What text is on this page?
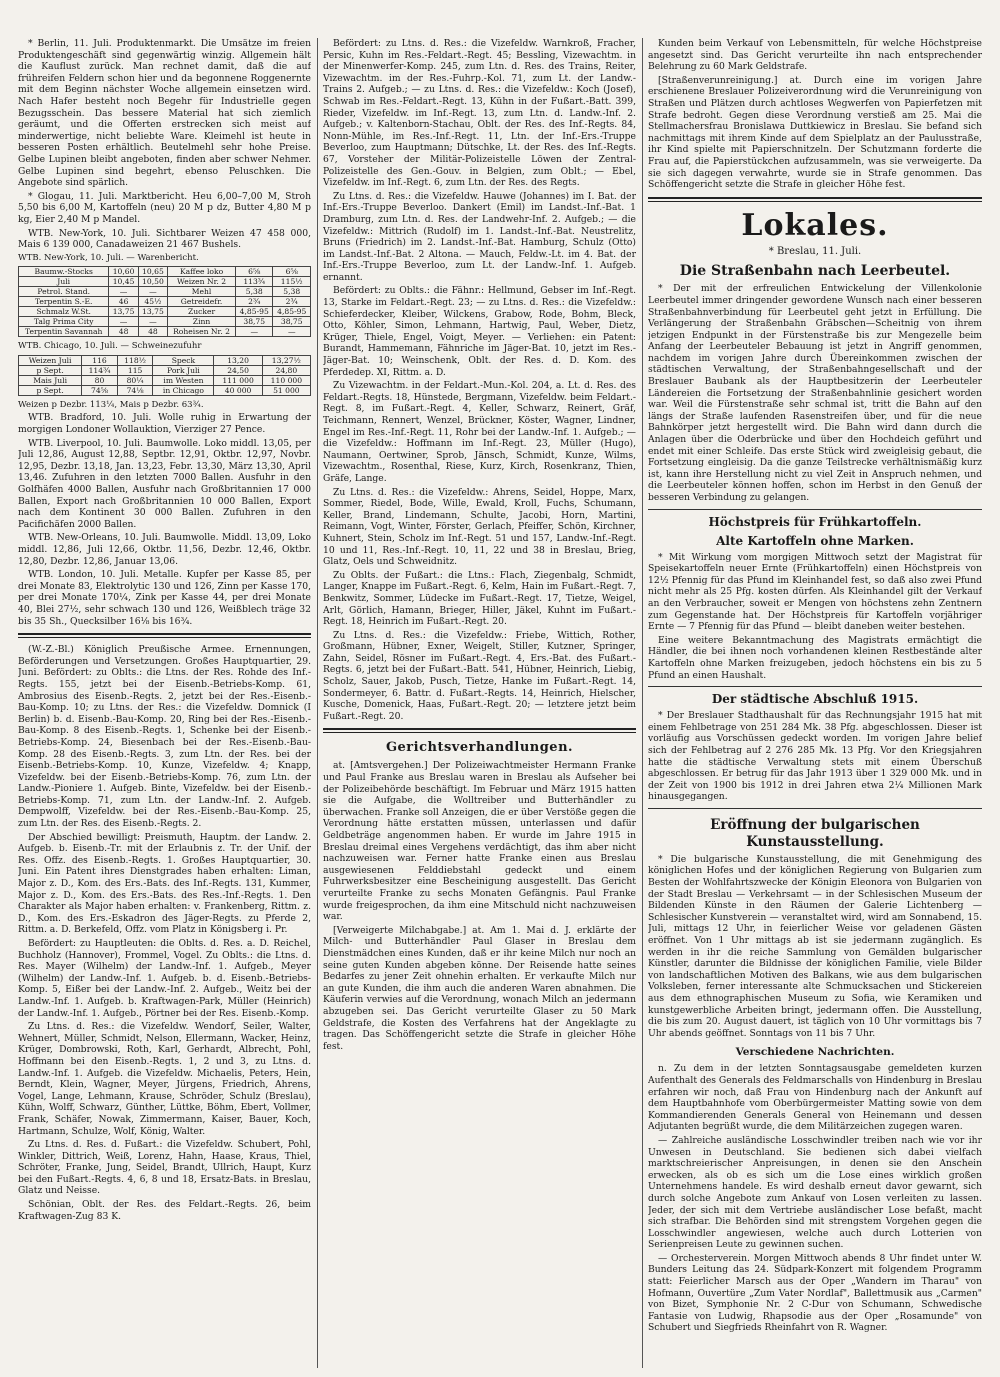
* Berlin, 11. Juli. Produktenmarkt. Die Umsätze im freien Produktengeschäft sind gegenwärtig winzig. Allgemein hält die Kauflust zurück. Man rechnet damit, daß die auf frühreifen Feldern schon hier und da begonnene Roggenernte mit dem Beginn nächster Woche allgemein einsetzen wird. Nach Hafer besteht noch Begehr für Industrielle gegen Bezugsschein. Das bessere Material hat sich ziemlich geräumt, und die Offerten erstrecken sich meist auf minderwertige, nicht beliebte Ware. Kleimehl ist heute in besseren Posten erhältlich. Beutelmehl sehr hohe Preise. Gelbe Lupinen bleibt angeboten, finden aber schwer Nehmer. Gelbe Lupinen sind begehrt, ebenso Peluschken. Die Angebote sind spärlich.

* Glogau, 11. Juli. Marktbericht. Heu 6,00–7,00 M, Stroh 5,50 bis 6,00 M, Kartoffeln (neu) 20 M p dz, Butter 4,80 M p kg, Eier 2,40 M p Mandel.

WTB. New-York, 10. Juli. Sichtbarer Weizen 47 458 000, Mais 6 139 000, Canadaweizen 21 467 Bushels.

WTB. New-York, 10. Juli. — Warenbericht.
Baumw.-Stocks	10,60	10,65	Kaffee loko	6⅝	6⅝
Juli	10,45	10,50	Weizen Nr. 2	113¾	115½
Petrol. Stand.	—	—	Mehl	5,38	5,38
Terpentin S.-E.	46	45½	Getreidefr.	2¾	2¾
Schmalz W.St.	13,75	13,75	Zucker	4,85-95	4,85-95
Talg Prima City	—	—	Zinn	38,75	38,75
Terpentin Savannah	48	48	Roheisen Nr. 2	—	—
WTB. Chicago, 10. Juli. — Schweinezufuhr
Weizen Juli	116	118½	Speck	13,20	13,27½
p Sept.	114¾	115	Pork Juli	24,50	24,80
Mais Juli	80	80¼	im Westen	111 000	110 000
p Sept.	74⅝	74⅛	in Chicago	40 000	51 000
Weizen p Dezbr. 113¼, Mais p Dezbr. 63¾.

WTB. Bradford, 10. Juli. Wolle ruhig in Erwartung der morgigen Londoner Wollauktion, Vierziger 27 Pence.

WTB. Liverpool, 10. Juli. Baumwolle. Loko middl. 13,05, per Juli 12,86, August 12,88, Septbr. 12,91, Oktbr. 12,97, Novbr. 12,95, Dezbr. 13,18, Jan. 13,23, Febr. 13,30, März 13,30, April 13,46. Zufuhren in den letzten 7000 Ballen. Ausfuhr in den Golfhäfen 4000 Ballen, Ausfuhr nach Großbritannien 17 000 Ballen, Export nach Großbritannien 10 000 Ballen, Export nach dem Kontinent 30 000 Ballen. Zufuhren in den Pacifichäfen 2000 Ballen.

WTB. New-Orleans, 10. Juli. Baumwolle. Middl. 13,09, Loko middl. 12,86, Juli 12,66, Oktbr. 11,56, Dezbr. 12,46, Oktbr. 12,80, Dezbr. 12,86, Januar 13,06.

WTB. London, 10. Juli. Metalle. Kupfer per Kasse 85, per drei Monate 83, Elektrolytic 130 und 126, Zinn per Kasse 170, per drei Monate 170¼, Zink per Kasse 44, per drei Monate 40, Blei 27½, sehr schwach 130 und 126, Weißblech träge 32 bis 35 Sh., Quecksilber 16⅛ bis 16¾.

(W.-Z.-Bl.) Königlich Preußische Armee. Ernennungen, Beförderungen und Versetzungen. Großes Hauptquartier, 29. Juni. Befördert: zu Oblts.: die Ltns. der Res. Rohde des Inf.-Regts. 155, jetzt bei der Eisenb.-Betriebs-Komp. 61, Ambrosius des Eisenb.-Regts. 2, jetzt bei der Res.-Eisenb.-Bau-Komp. 10; zu Ltns. der Res.: die Vizefeldw. Domnick (I Berlin) b. d. Eisenb.-Bau-Komp. 20, Ring bei der Res.-Eisenb.-Bau-Komp. 8 des Eisenb.-Regts. 1, Schenke bei der Eisenb.-Betriebs-Komp. 24, Biesenbach bei der Res.-Eisenb.-Bau-Komp. 28 des Eisenb.-Regts. 3, zum Ltn. der Res. bei der Eisenb.-Betriebs-Komp. 10, Kunze, Vizefeldw. 4; Knapp, Vizefeldw. bei der Eisenb.-Betriebs-Komp. 76, zum Ltn. der Landw.-Pioniere 1. Aufgeb. Binte, Vizefeldw. bei der Eisenb.-Betriebs-Komp. 71, zum Ltn. der Landw.-Inf. 2. Aufgeb. Dempwolff, Vizefeldw. bei der Res.-Eisenb.-Bau-Komp. 25, zum Ltn. der Res. des Eisenb.-Regts. 2.

Der Abschied bewilligt: Preismuth, Hauptm. der Landw. 2. Aufgeb. b. Eisenb.-Tr. mit der Erlaubnis z. Tr. der Unif. der Res. Offz. des Eisenb.-Regts. 1. Großes Hauptquartier, 30. Juni. Ein Patent ihres Dienstgrades haben erhalten: Liman, Major z. D., Kom. des Ers.-Bats. des Inf.-Regts. 131, Kummer, Major z. D., Kom. des Ers.-Bats. des Res.-Inf.-Regts. 1. Den Charakter als Major haben erhalten: v. Frankenberg, Rittm. z. D., Kom. des Ers.-Eskadron des Jäger-Regts. zu Pferde 2, Rittm. a. D. Berkefeld, Offz. vom Platz in Königsberg i. Pr.

Befördert: zu Hauptleuten: die Oblts. d. Res. a. D. Reichel, Buchholz (Hannover), Frommel, Vogel. Zu Oblts.: die Ltns. d. Res. Mayer (Wilhelm) der Landw.-Inf. 1. Aufgeb., Meyer (Wilhelm) der Landw.-Inf. 1. Aufgeb. b. d. Eisenb.-Betriebs-Komp. 5, Eißer bei der Landw.-Inf. 2. Aufgeb., Weitz bei der Landw.-Inf. 1. Aufgeb. b. Kraftwagen-Park, Müller (Heinrich) der Landw.-Inf. 1. Aufgeb., Pörtner bei der Res. Eisenb.-Komp.

Zu Ltns. d. Res.: die Vizefeldw. Wendorf, Seiler, Walter, Wehnert, Müller, Schmidt, Nelson, Ellermann, Wacker, Heinz, Krüger, Dombrowski, Roth, Karl, Gerhardt, Albrecht, Pohl, Hoffmann bei den Eisenb.-Regts. 1, 2 und 3, zu Ltns. d. Landw.-Inf. 1. Aufgeb. die Vizefeldw. Michaelis, Peters, Hein, Berndt, Klein, Wagner, Meyer, Jürgens, Friedrich, Ahrens, Vogel, Lange, Lehmann, Krause, Schröder, Schulz (Breslau), Kühn, Wolff, Schwarz, Günther, Lüttke, Böhm, Ebert, Vollmer, Frank, Schäfer, Nowak, Zimmermann, Kaiser, Bauer, Koch, Hartmann, Schulze, Wolf, König, Walter.

Zu Ltns. d. Res. d. Fußart.: die Vizefeldw. Schubert, Pohl, Winkler, Dittrich, Weiß, Lorenz, Hahn, Haase, Kraus, Thiel, Schröter, Franke, Jung, Seidel, Brandt, Ullrich, Haupt, Kurz bei den Fußart.-Regts. 4, 6, 8 und 18, Ersatz-Bats. in Breslau, Glatz und Neisse.

Schönian, Oblt. der Res. des Feldart.-Regts. 26, beim Kraftwagen-Zug 83 K.

Befördert: zu Ltns. d. Res.: die Vizefeldw. Warnkroß, Fracher, Persic, Kuhn im Res.-Feldart.-Regt. 45; Bessling, Vizewachtm. in der Minenwerfer-Komp. 245, zum Ltn. d. Res. des Trains, Reiter, Vizewachtm. im der Res.-Fuhrp.-Kol. 71, zum Lt. der Landw.-Trains 2. Aufgeb.; — zu Ltns. d. Res.: die Vizefeldw.: Koch (Josef), Schwab im Res.-Feldart.-Regt. 13, Kühn in der Fußart.-Batt. 399, Rieder, Vizefeldw. im Inf.-Regt. 13, zum Ltn. d. Landw.-Inf. 2. Aufgeb.; v. Kaltenborn-Stachau, Oblt. der Res. des Inf.-Regts. 84, Nonn-Mühle, im Res.-Inf.-Regt. 11, Ltn. der Inf.-Ers.-Truppe Beverloo, zum Hauptmann; Dütschke, Lt. der Res. des Inf.-Regts. 67, Vorsteher der Militär-Polizeistelle Löwen der Zentral-Polizeistelle des Gen.-Gouv. in Belgien, zum Oblt.; — Ebel, Vizefeldw. im Inf.-Regt. 6, zum Ltn. der Res. des Regts.

Zu Ltns. d. Res.: die Vizefeldw. Hauwe (Johannes) im I. Bat. der Inf.-Ers.-Truppe Beverloo. Dankert (Emil) im Landst.-Inf.-Bat. 1 Dramburg, zum Ltn. d. Res. der Landwehr-Inf. 2. Aufgeb.; — die Vizefeldw.: Mittrich (Rudolf) im 1. Landst.-Inf.-Bat. Neustrelitz, Bruns (Friedrich) im 2. Landst.-Inf.-Bat. Hamburg, Schulz (Otto) im Landst.-Inf.-Bat. 2 Altona. — Mauch, Feldw.-Lt. im 4. Bat. der Inf.-Ers.-Truppe Beverloo, zum Lt. der Landw.-Inf. 1. Aufgeb. ernannt.

Befördert: zu Oblts.: die Fähnr.: Hellmund, Gebser im Inf.-Regt. 13, Starke im Feldart.-Regt. 23; — zu Ltns. d. Res.: die Vizefeldw.: Schieferdecker, Kleiber, Wilckens, Grabow, Rode, Bohm, Bleck, Otto, Köhler, Simon, Lehmann, Hartwig, Paul, Weber, Dietz, Krüger, Thiele, Engel, Voigt, Meyer. — Verliehen: ein Patent: Burandt, Hammemann, Fähnriche im Jäger-Bat. 10, jetzt im Res.-Jäger-Bat. 10; Weinschenk, Oblt. der Res. d. D. Kom. des Pferdedep. XI, Rittm. a. D.

Zu Vizewachtm. in der Feldart.-Mun.-Kol. 204, a. Lt. d. Res. des Feldart.-Regts. 18, Hünstede, Bergmann, Vizefeldw. beim Feldart.-Regt. 8, im Fußart.-Regt. 4, Keller, Schwarz, Reinert, Gräf, Teichmann, Rennert, Wenzel, Brückner, Köster, Wagner, Lindner, Engel im Res.-Inf.-Regt. 11, Rohr bei der Landw.-Inf. 1. Aufgeb.; — die Vizefeldw.: Hoffmann im Inf.-Regt. 23, Müller (Hugo), Naumann, Oertwiner, Sprob, Jänsch, Schmidt, Kunze, Wilms, Vizewachtm., Rosenthal, Riese, Kurz, Kirch, Rosenkranz, Thien, Gräfe, Lange.

Zu Ltns. d. Res.: die Vizefeldw.: Ahrens, Seidel, Hoppe, Marx, Sommer, Riedel, Bode, Wille, Ewald, Kroll, Fuchs, Schumann, Keller, Brand, Lindemann, Schulte, Jacobi, Horn, Martini, Reimann, Vogt, Winter, Förster, Gerlach, Pfeiffer, Schön, Kirchner, Kuhnert, Stein, Scholz im Inf.-Regt. 51 und 157, Landw.-Inf.-Regt. 10 und 11, Res.-Inf.-Regt. 10, 11, 22 und 38 in Breslau, Brieg, Glatz, Oels und Schweidnitz.

Zu Oblts. der Fußart.: die Ltns.: Flach, Ziegenbalg, Schmidt, Langer, Knappe im Fußart.-Regt. 6, Kelm, Hain im Fußart.-Regt. 7, Benkwitz, Sommer, Lüdecke im Fußart.-Regt. 17, Tietze, Weigel, Arlt, Görlich, Hamann, Brieger, Hiller, Jäkel, Kuhnt im Fußart.-Regt. 18, Heinrich im Fußart.-Regt. 20.

Zu Ltns. d. Res.: die Vizefeldw.: Friebe, Wittich, Rother, Großmann, Hübner, Exner, Weigelt, Stiller, Kutzner, Springer, Zahn, Seidel, Rösner im Fußart.-Regt. 4, Ers.-Bat. des Fußart.-Regts. 6, jetzt bei der Fußart.-Batt. 541, Hübner, Heinrich, Liebig, Scholz, Sauer, Jakob, Pusch, Tietze, Hanke im Fußart.-Regt. 14, Sondermeyer, 6. Battr. d. Fußart.-Regts. 14, Heinrich, Hielscher, Kusche, Domenick, Haas, Fußart.-Regt. 20; — letztere jetzt beim Fußart.-Regt. 20.

Gerichtsverhandlungen.

at. [Amtsvergehen.] Der Polizeiwachtmeister Hermann Franke und Paul Franke aus Breslau waren in Breslau als Aufseher bei der Polizeibehörde beschäftigt. Im Februar und März 1915 hatten sie die Aufgabe, die Wolltreiber und Butterhändler zu überwachen. Franke soll Anzeigen, die er über Verstöße gegen die Verordnung hätte erstatten müssen, unterlassen und dafür Geldbeträge angenommen haben. Er wurde im Jahre 1915 in Breslau dreimal eines Vergehens verdächtigt, das ihm aber nicht nachzuweisen war. Ferner hatte Franke einen aus Breslau ausgewiesenen Felddiebstahl gedeckt und einem Fuhrwerksbesitzer eine Bescheinigung ausgestellt. Das Gericht verurteilte Franke zu sechs Monaten Gefängnis. Paul Franke wurde freigesprochen, da ihm eine Mitschuld nicht nachzuweisen war.

[Verweigerte Milchabgabe.] at. Am 1. Mai d. J. erklärte der Milch- und Butterhändler Paul Glaser in Breslau dem Dienstmädchen eines Kunden, daß er ihr keine Milch nur noch an seine guten Kunden abgeben könne. Der Reisende hatte seines Bedarfes zu jener Zeit ohnehin erhalten. Er verkaufte Milch nur an gute Kunden, die ihm auch die anderen Waren abnahmen. Die Käuferin verwies auf die Verordnung, wonach Milch an jedermann abzugeben sei. Das Gericht verurteilte Glaser zu 50 Mark Geldstrafe, die Kosten des Verfahrens hat der Angeklagte zu tragen. Das Schöffengericht setzte die Strafe in gleicher Höhe fest.

Kunden beim Verkauf von Lebensmitteln, für welche Höchstpreise angesetzt sind. Das Gericht verurteilte ihn nach entsprechender Belehrung zu 60 Mark Geldstrafe.

[Straßenverunreinigung.] at. Durch eine im vorigen Jahre erschienene Breslauer Polizeiverordnung wird die Verunreinigung von Straßen und Plätzen durch achtloses Wegwerfen von Papierfetzen mit Strafe bedroht. Gegen diese Verordnung verstieß am 25. Mai die Stellmachersfrau Bronislawa Duttkiewicz in Breslau. Sie befand sich nachmittags mit ihrem Kinde auf dem Spielplatz an der Paulusstraße, ihr Kind spielte mit Papierschnitzeln. Der Schutzmann forderte die Frau auf, die Papierstückchen aufzusammeln, was sie verweigerte. Da sie sich dagegen verwahrte, wurde sie in Strafe genommen. Das Schöffengericht setzte die Strafe in gleicher Höhe fest.

Lokales.
* Breslau, 11. Juli.
Die Straßenbahn nach Leerbeutel.

* Der mit der erfreulichen Entwickelung der Villenkolonie Leerbeutel immer dringender gewordene Wunsch nach einer besseren Straßenbahnverbindung für Leerbeutel geht jetzt in Erfüllung. Die Verlängerung der Straßenbahn Gräbschen—Scheitnig von ihrem jetzigen Endpunkt in der Fürstenstraße bis zur Mengezelle beim Anfang der Leerbeuteler Bebauung ist jetzt in Angriff genommen, nachdem im vorigen Jahre durch Übereinkommen zwischen der städtischen Verwaltung, der Straßenbahngesellschaft und der Breslauer Baubank als der Hauptbesitzerin der Leerbeuteler Ländereien die Fortsetzung der Straßenbahnlinie gesichert worden war. Weil die Fürstenstraße sehr schmal ist, tritt die Bahn auf den längs der Straße laufenden Rasenstreifen über, und für die neue Bahnkörper jetzt hergestellt wird. Die Bahn wird dann durch die Anlagen über die Oderbrücke und über den Hochdeich geführt und endet mit einer Schleife. Das erste Stück wird zweigleisig gebaut, die Fortsetzung eingleisig. Da die ganze Teilstrecke verhältnismäßig kurz ist, kann ihre Herstellung nicht zu viel Zeit in Anspruch nehmen, und die Leerbeuteler können hoffen, schon im Herbst in den Genuß der besseren Verbindung zu gelangen.

Höchstpreis für Frühkartoffeln.
Alte Kartoffeln ohne Marken.

* Mit Wirkung vom morgigen Mittwoch setzt der Magistrat für Speisekartoffeln neuer Ernte (Frühkartoffeln) einen Höchstpreis von 12½ Pfennig für das Pfund im Kleinhandel fest, so daß also zwei Pfund nicht mehr als 25 Pfg. kosten dürfen. Als Kleinhandel gilt der Verkauf an den Verbraucher, soweit er Mengen von höchstens zehn Zentnern zum Gegenstande hat. Der Höchstpreis für Kartoffeln vorjähriger Ernte — 7 Pfennig für das Pfund — bleibt daneben weiter bestehen.

Eine weitere Bekanntmachung des Magistrats ermächtigt die Händler, die bei ihnen noch vorhandenen kleinen Restbestände alter Kartoffeln ohne Marken freizugeben, jedoch höchstens ein bis zu 5 Pfund an einen Haushalt.

Der städtische Abschluß 1915.

* Der Breslauer Stadthaushalt für das Rechnungsjahr 1915 hat mit einem Fehlbetrage von 251 284 Mk. 38 Pfg. abgeschlossen. Dieser ist vorläufig aus Vorschüssen gedeckt worden. Im vorigen Jahre belief sich der Fehlbetrag auf 2 276 285 Mk. 13 Pfg. Vor den Kriegsjahren hatte die städtische Verwaltung stets mit einem Überschuß abgeschlossen. Er betrug für das Jahr 1913 über 1 329 000 Mk. und in der Zeit von 1900 bis 1912 in drei Jahren etwa 2¼ Millionen Mark hinausgegangen.

Eröffnung der bulgarischen Kunstausstellung.

* Die bulgarische Kunstausstellung, die mit Genehmigung des königlichen Hofes und der königlichen Regierung von Bulgarien zum Besten der Wohlfahrtszwecke der Königin Eleonora von Bulgarien von der Stadt Breslau — Verkehrsamt — in der Schlesischen Museum der Bildenden Künste in den Räumen der Galerie Lichtenberg — Schlesischer Kunstverein — veranstaltet wird, wird am Sonnabend, 15. Juli, mittags 12 Uhr, in feierlicher Weise vor geladenen Gästen eröffnet. Von 1 Uhr mittags ab ist sie jedermann zugänglich. Es werden in ihr die reiche Sammlung von Gemälden bulgarischer Künstler, darunter die Bildnisse der königlichen Familie, viele Bilder von landschaftlichen Motiven des Balkans, wie aus dem bulgarischen Volksleben, ferner interessante alte Schmucksachen und Stickereien aus dem ethnographischen Museum zu Sofia, wie Keramiken und kunstgewerbliche Arbeiten bringt, jedermann offen. Die Ausstellung, die bis zum 20. August dauert, ist täglich von 10 Uhr vormittags bis 7 Uhr abends geöffnet. Sonntags von 11 bis 7 Uhr.

Verschiedene Nachrichten.

n. Zu dem in der letzten Sonntagsausgabe gemeldeten kurzen Aufenthalt des Generals des Feldmarschalls von Hindenburg in Breslau erfahren wir noch, daß Frau von Hindenburg nach der Ankunft auf dem Hauptbahnhofe vom Oberbürgermeister Matting sowie von dem Kommandierenden Generals General von Heinemann und dessen Adjutanten begrüßt wurde, die dem Militärzeichen zugegen waren.

— Zahlreiche ausländische Losschwindler treiben nach wie vor ihr Unwesen in Deutschland. Sie bedienen sich dabei vielfach marktschreierischer Anpreisungen, in denen sie den Anschein erwecken, als ob es sich um die Lose eines wirklich großen Unternehmens handele. Es wird deshalb erneut davor gewarnt, sich durch solche Angebote zum Ankauf von Losen verleiten zu lassen. Jeder, der sich mit dem Vertriebe ausländischer Lose befaßt, macht sich strafbar. Die Behörden sind mit strengstem Vorgehen gegen die Losschwindler angewiesen, welche auch durch Lotterien von Serienpreisen Leute zu gewinnen suchen.

— Orchesterverein. Morgen Mittwoch abends 8 Uhr findet unter W. Bunders Leitung das 24. Südpark-Konzert mit folgendem Programm statt: Feierlicher Marsch aus der Oper „Wandern im Tharau" von Hofmann, Ouvertüre „Zum Vater Nordlaf", Ballettmusik aus „Carmen" von Bizet, Symphonie Nr. 2 C-Dur von Schumann, Schwedische Fantasie von Ludwig, Rhapsodie aus der Oper „Rosamunde" von Schubert und Siegfrieds Rheinfahrt von R. Wagner.
